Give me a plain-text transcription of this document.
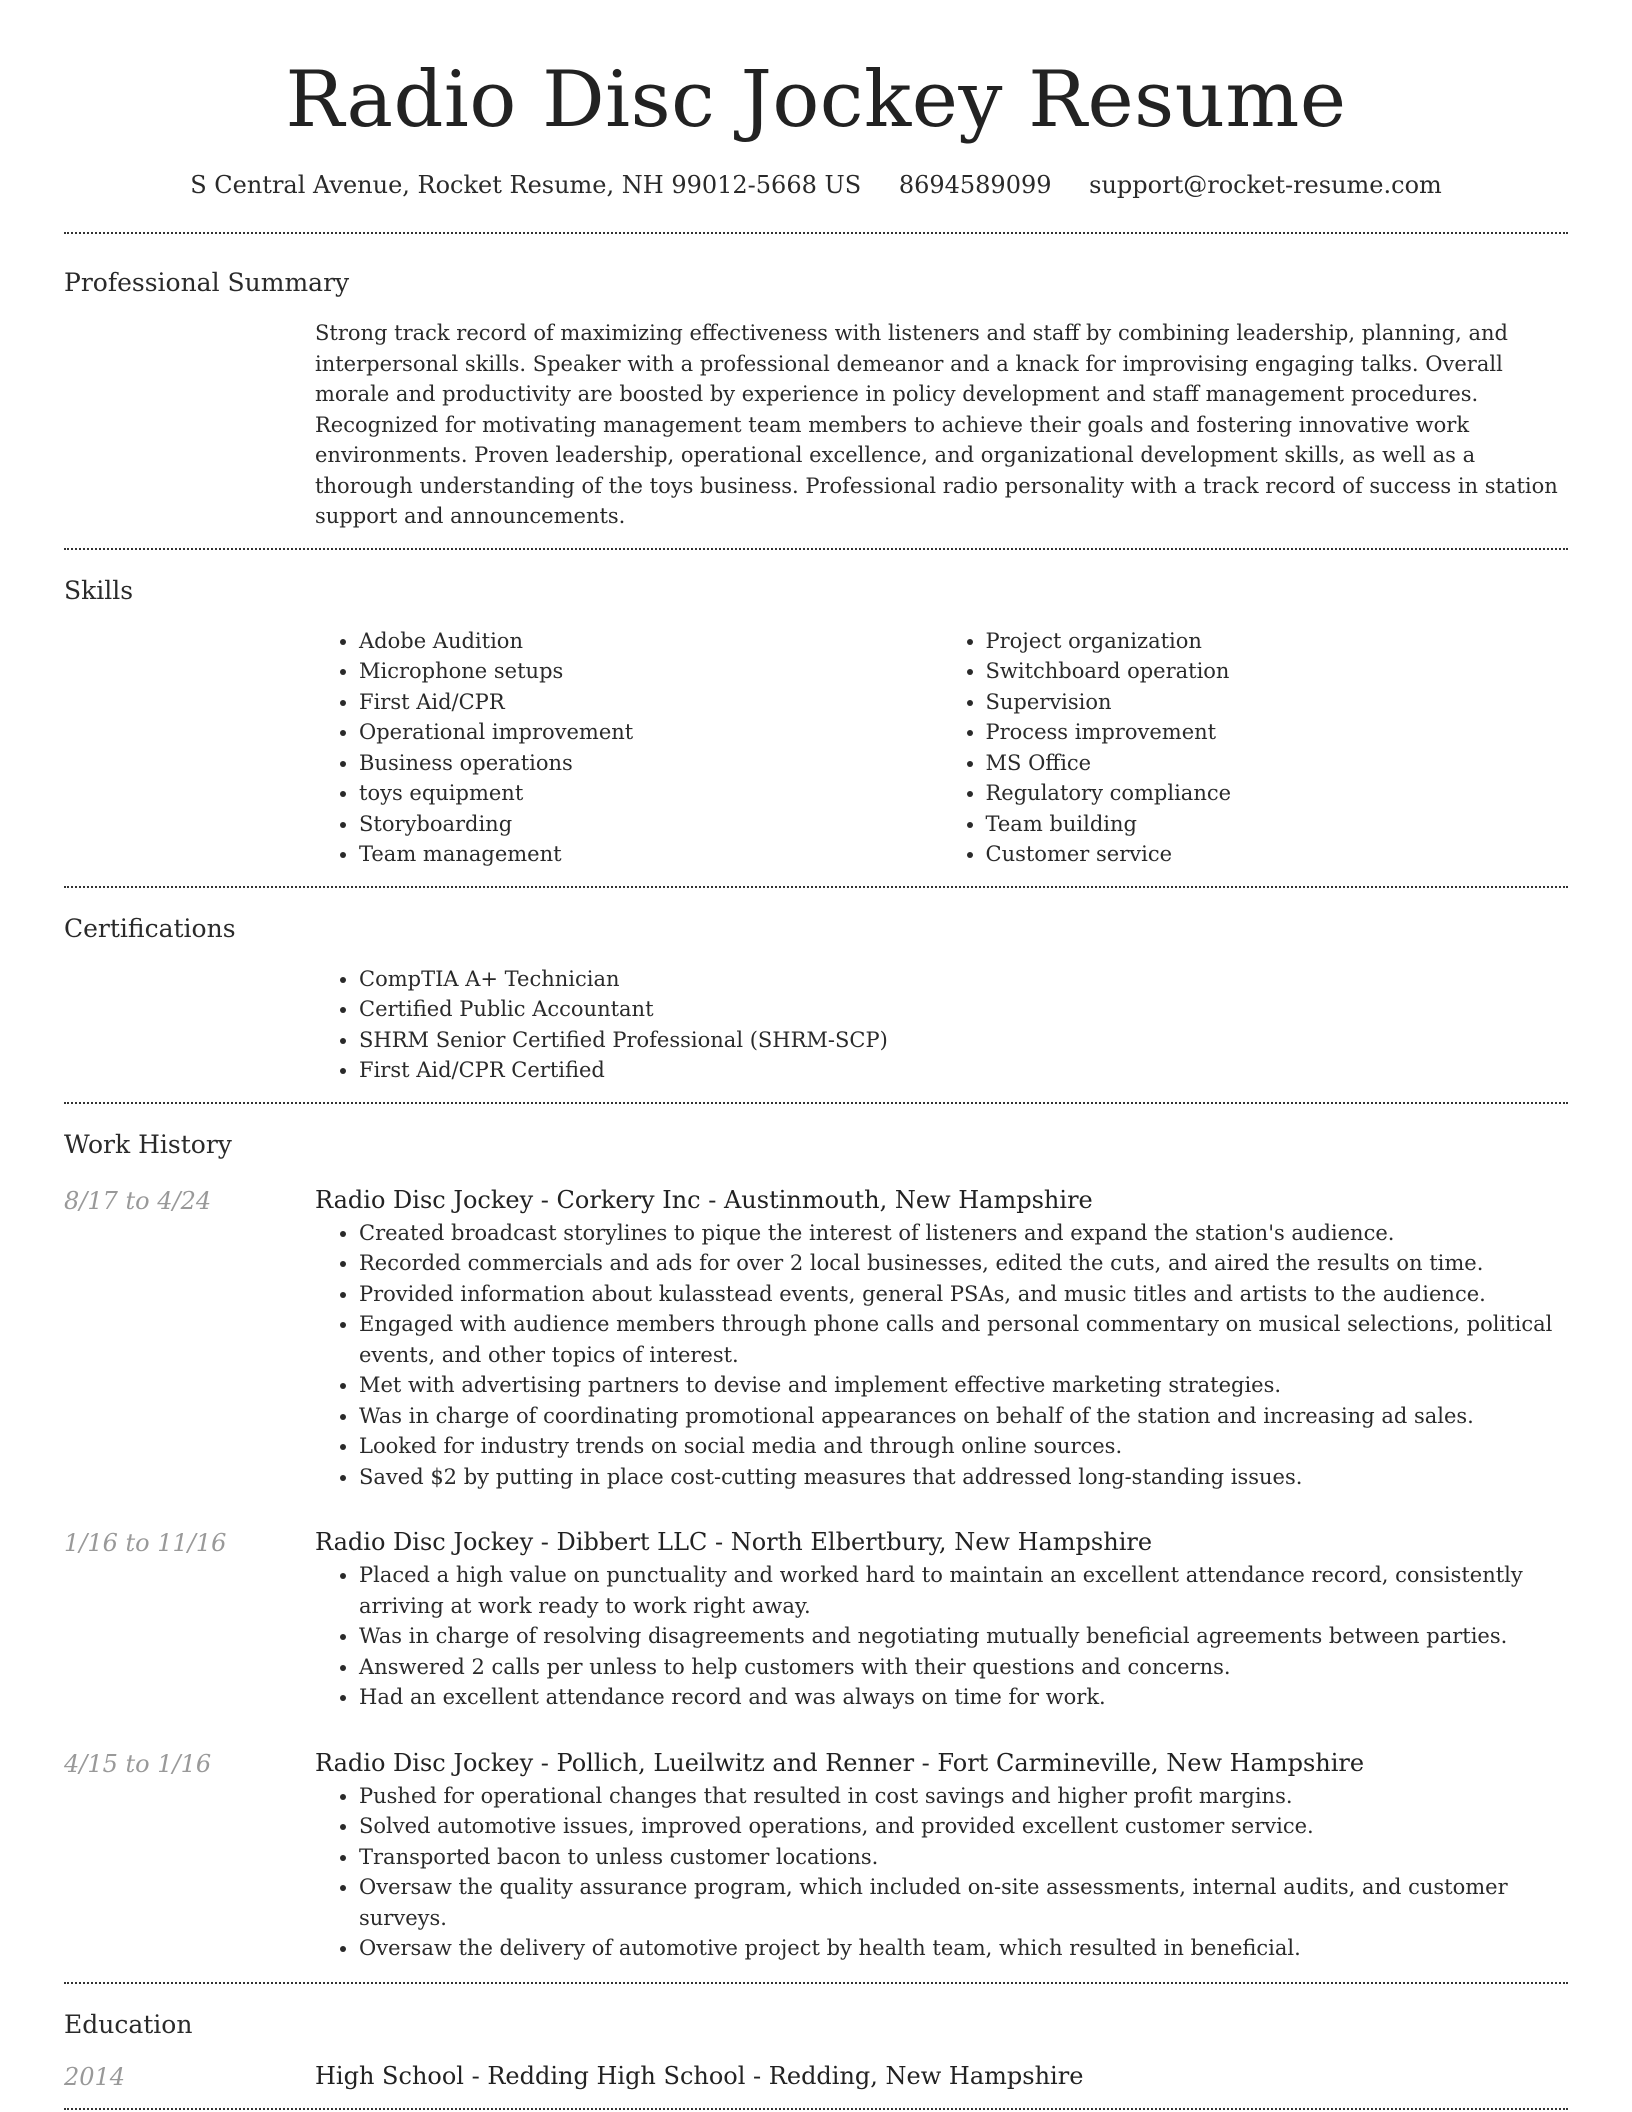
Radio Disc Jockey Resume
S Central Avenue, Rocket Resume, NH 99012-5668 US 8694589099 support@rocket-resume.com
Professional Summary
Strong track record of maximizing effectiveness with listeners and staff by combining leadership, planning, and interpersonal skills. Speaker with a professional demeanor and a knack for improvising engaging talks. Overall morale and productivity are boosted by experience in policy development and staff management procedures. Recognized for motivating management team members to achieve their goals and fostering innovative work environments. Proven leadership, operational excellence, and organizational development skills, as well as a thorough understanding of the toys business. Professional radio personality with a track record of success in station support and announcements.
Skills
• Adobe Audition
• Microphone setups
• First Aid/CPR
• Operational improvement
• Business operations
• toys equipment
• Storyboarding
• Team management
• Project organization
• Switchboard operation
• Supervision
• Process improvement
• MS Office
• Regulatory compliance
• Team building
• Customer service
Certifications
• CompTIA A+ Technician
• Certified Public Accountant
• SHRM Senior Certified Professional (SHRM-SCP)
• First Aid/CPR Certified
Work History
8/17 to 4/24	Radio Disc Jockey - Corkery Inc - Austinmouth, New Hampshire
• Created broadcast storylines to pique the interest of listeners and expand the station's audience.
• Recorded commercials and ads for over 2 local businesses, edited the cuts, and aired the results on time.
• Provided information about kulasstead events, general PSAs, and music titles and artists to the audience.
• Engaged with audience members through phone calls and personal commentary on musical selections, political events, and other topics of interest.
• Met with advertising partners to devise and implement effective marketing strategies.
• Was in charge of coordinating promotional appearances on behalf of the station and increasing ad sales.
• Looked for industry trends on social media and through online sources.
• Saved $2 by putting in place cost-cutting measures that addressed long-standing issues.
1/16 to 11/16	Radio Disc Jockey - Dibbert LLC - North Elbertbury, New Hampshire
• Placed a high value on punctuality and worked hard to maintain an excellent attendance record, consistently arriving at work ready to work right away.
• Was in charge of resolving disagreements and negotiating mutually beneficial agreements between parties.
• Answered 2 calls per unless to help customers with their questions and concerns.
• Had an excellent attendance record and was always on time for work.
4/15 to 1/16	Radio Disc Jockey - Pollich, Lueilwitz and Renner - Fort Carmineville, New Hampshire
• Pushed for operational changes that resulted in cost savings and higher profit margins.
• Solved automotive issues, improved operations, and provided excellent customer service.
• Transported bacon to unless customer locations.
• Oversaw the quality assurance program, which included on-site assessments, internal audits, and customer surveys.
• Oversaw the delivery of automotive project by health team, which resulted in beneficial.
Education
2014	High School - Redding High School - Redding, New Hampshire
